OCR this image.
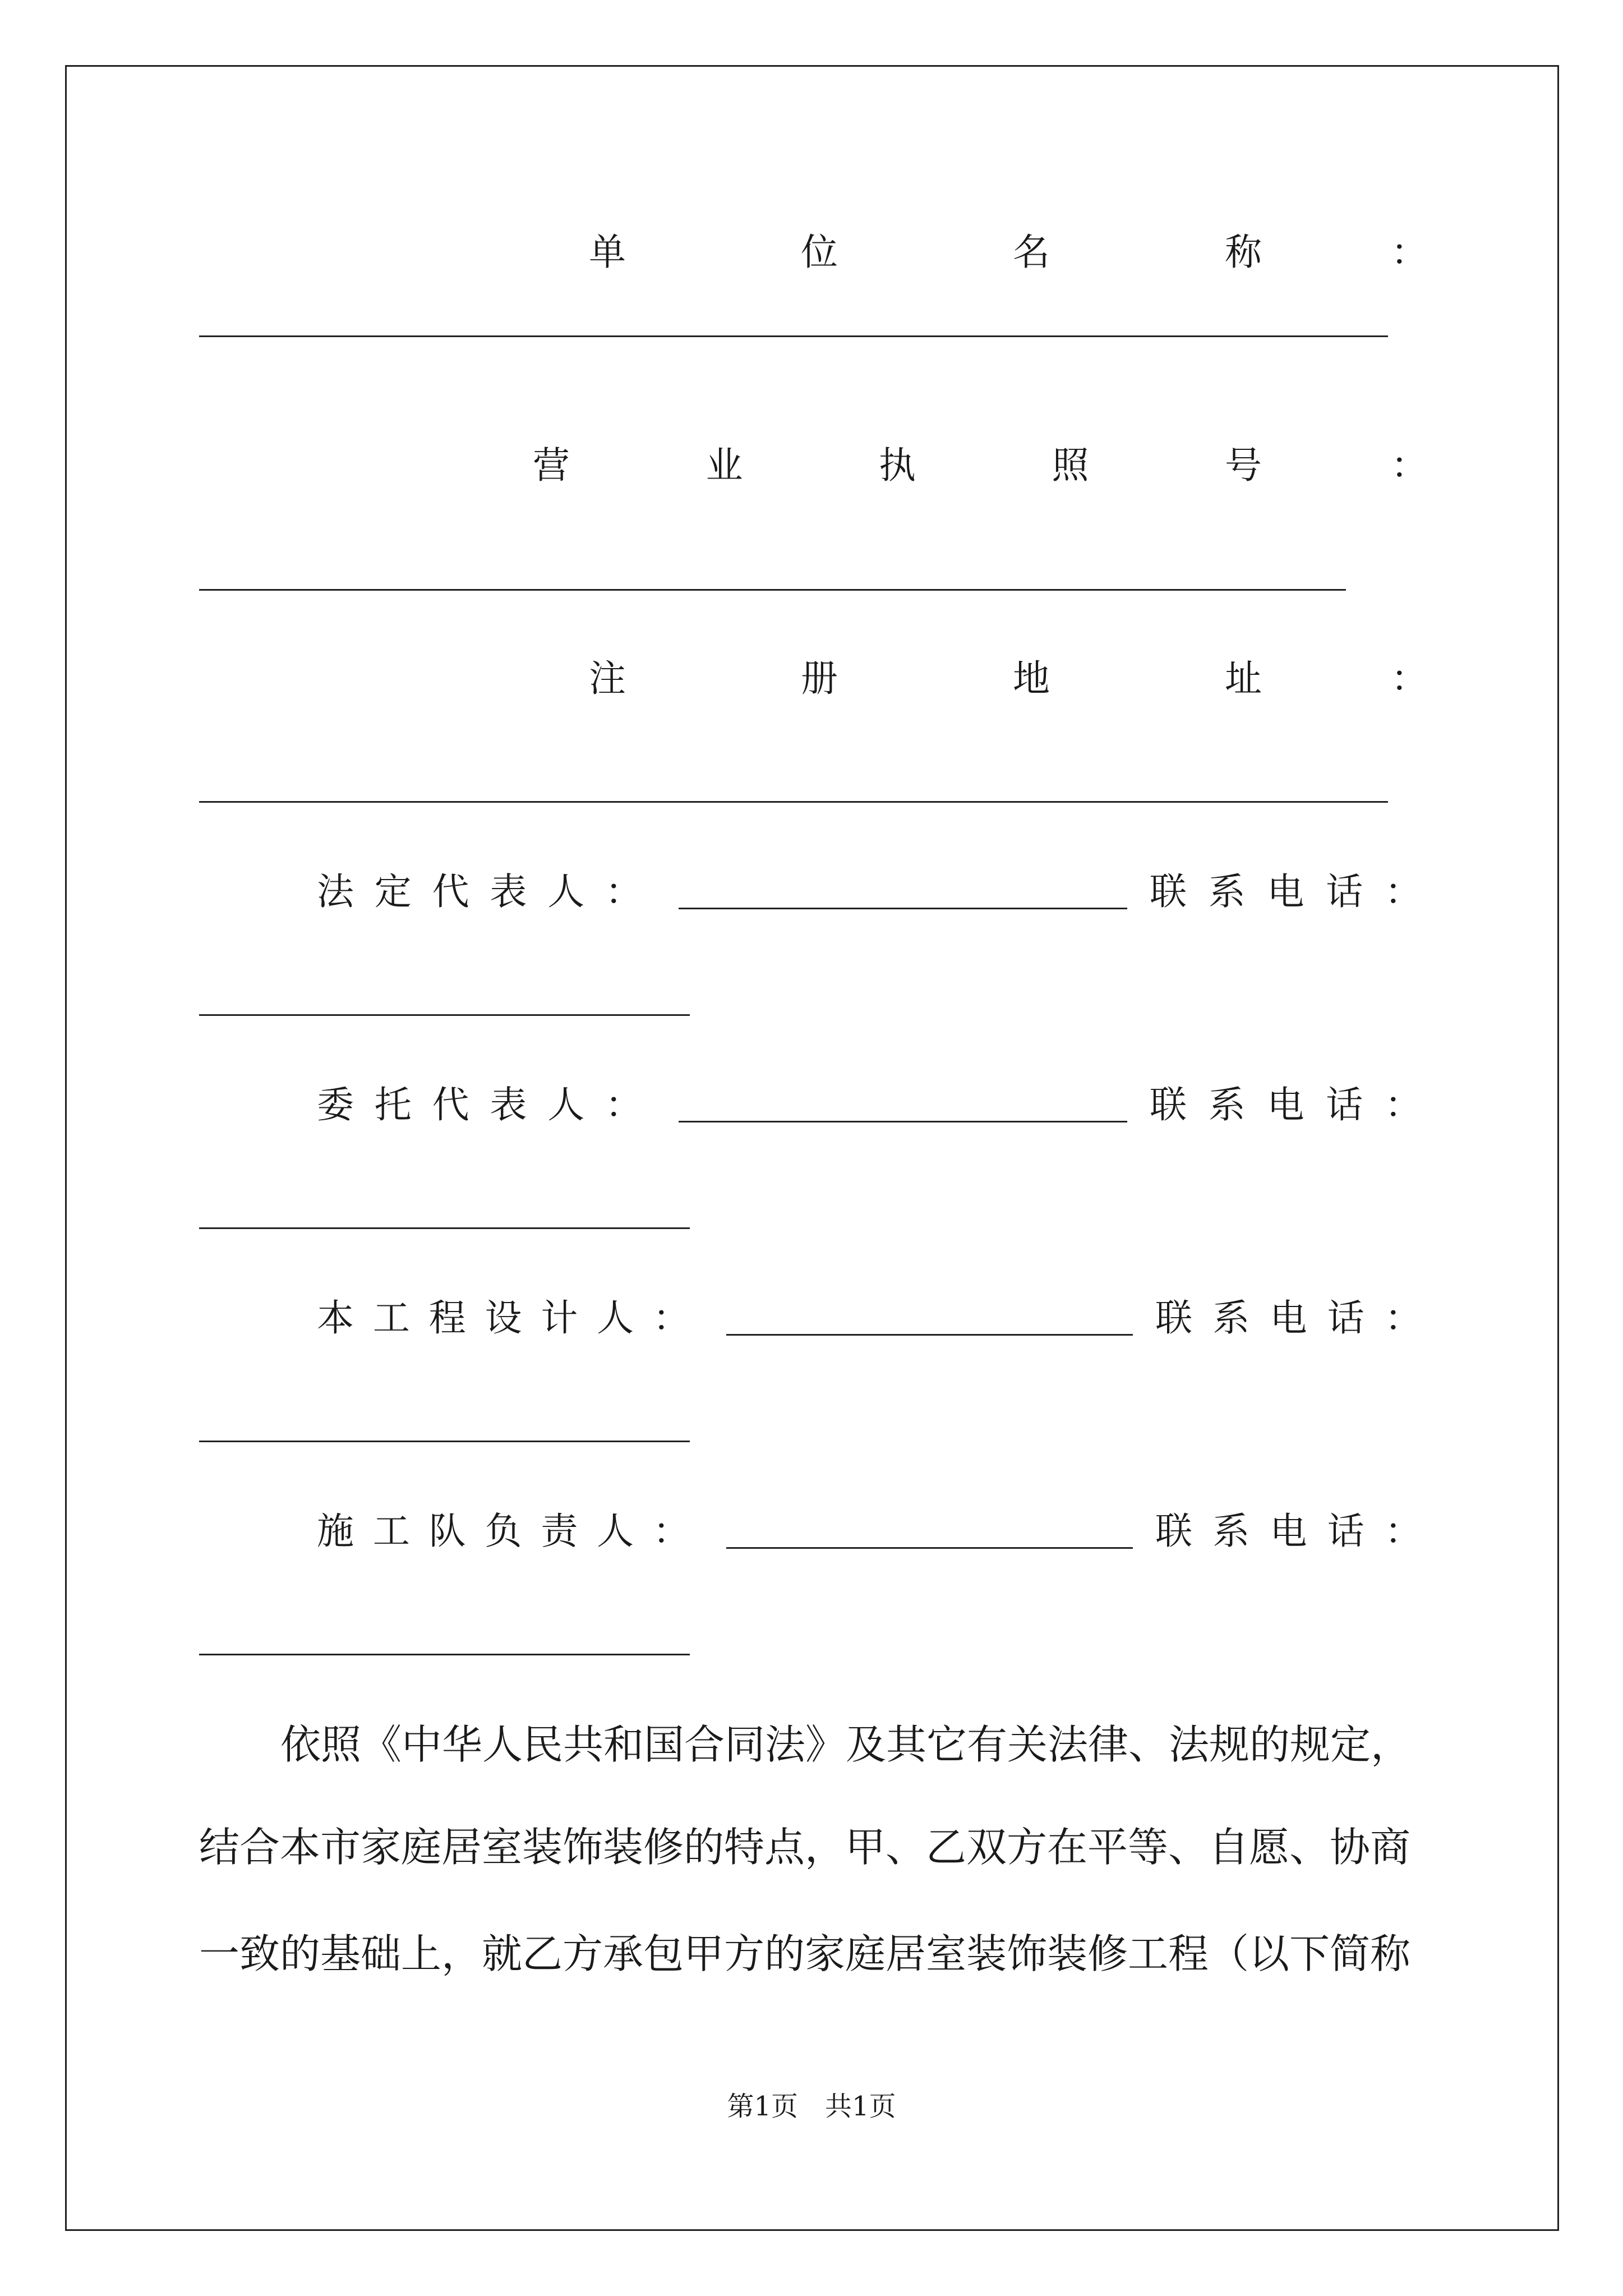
单	位	名	称	：
营	业	执	照	号	：
注	册	地	址	：
法 定 代 表 人 ：	联 系 电 话 ：
委 托 代 表 人 ：	联 系 电 话 ：
本 工 程 设 计 人 ：	联 系 电 话 ：
施 工 队 负 责 人 ：	联 系 电 话 ：
依照《中华人民共和国合同法》及其它有关法律、法规的规定，
结合本市家庭居室装饰装修的特点，甲、乙双方在平等、自愿、协商
一致的基础上，就乙方承包甲方的家庭居室装饰装修工程（以下简称
第1页　共1页
